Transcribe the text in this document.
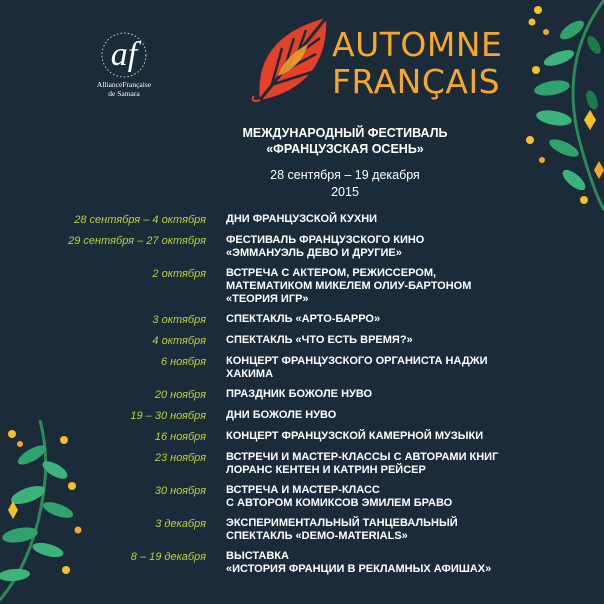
af
AllianceFrançaise
de Samara
AUTOMNE
FRANÇAIS
МЕЖДУНАРОДНЫЙ ФЕСТИВАЛЬ
«ФРАНЦУЗСКАЯ ОСЕНЬ»
28 сентября – 19 декабря
2015
28 сентября – 4 октября	ДНИ ФРАНЦУЗСКОЙ КУХНИ
29 сентября – 27 октября	ФЕСТИВАЛЬ ФРАНЦУЗСКОГО КИНО
«ЭММАНУЭЛЬ ДЕВО И ДРУГИЕ»
2 октября	ВСТРЕЧА С АКТЕРОМ, РЕЖИССЕРОМ,
МАТЕМАТИКОМ МИКЕЛЕМ ОЛИУ-БАРТОНОМ
«ТЕОРИЯ ИГР»
3 октября	СПЕКТАКЛЬ «АРТО-БАРРО»
4 октября	СПЕКТАКЛЬ «ЧТО ЕСТЬ ВРЕМЯ?»
6 ноября	КОНЦЕРТ ФРАНЦУЗСКОГО ОРГАНИСТА НАДЖИ
ХАКИМА
20 ноября	ПРАЗДНИК БОЖОЛЕ НУВО
19 – 30 ноября	ДНИ БОЖОЛЕ НУВО
16 ноября	КОНЦЕРТ ФРАНЦУЗСКОЙ КАМЕРНОЙ МУЗЫКИ
23 ноября	ВСТРЕЧИ И МАСТЕР-КЛАССЫ С АВТОРАМИ КНИГ
ЛОРАНС КЕНТЕН И КАТРИН РЕЙСЕР
30 ноября	ВСТРЕЧА И МАСТЕР-КЛАСС
С АВТОРОМ КОМИКСОВ ЭМИЛЕМ БРАВО
3 декабря	ЭКСПЕРИМЕНТАЛЬНЫЙ ТАНЦЕВАЛЬНЫЙ
СПЕКТАКЛЬ «DEMO-MATERIALS»
8 – 19 декабря	ВЫСТАВКА
«ИСТОРИЯ ФРАНЦИИ В РЕКЛАМНЫХ АФИШАХ»
